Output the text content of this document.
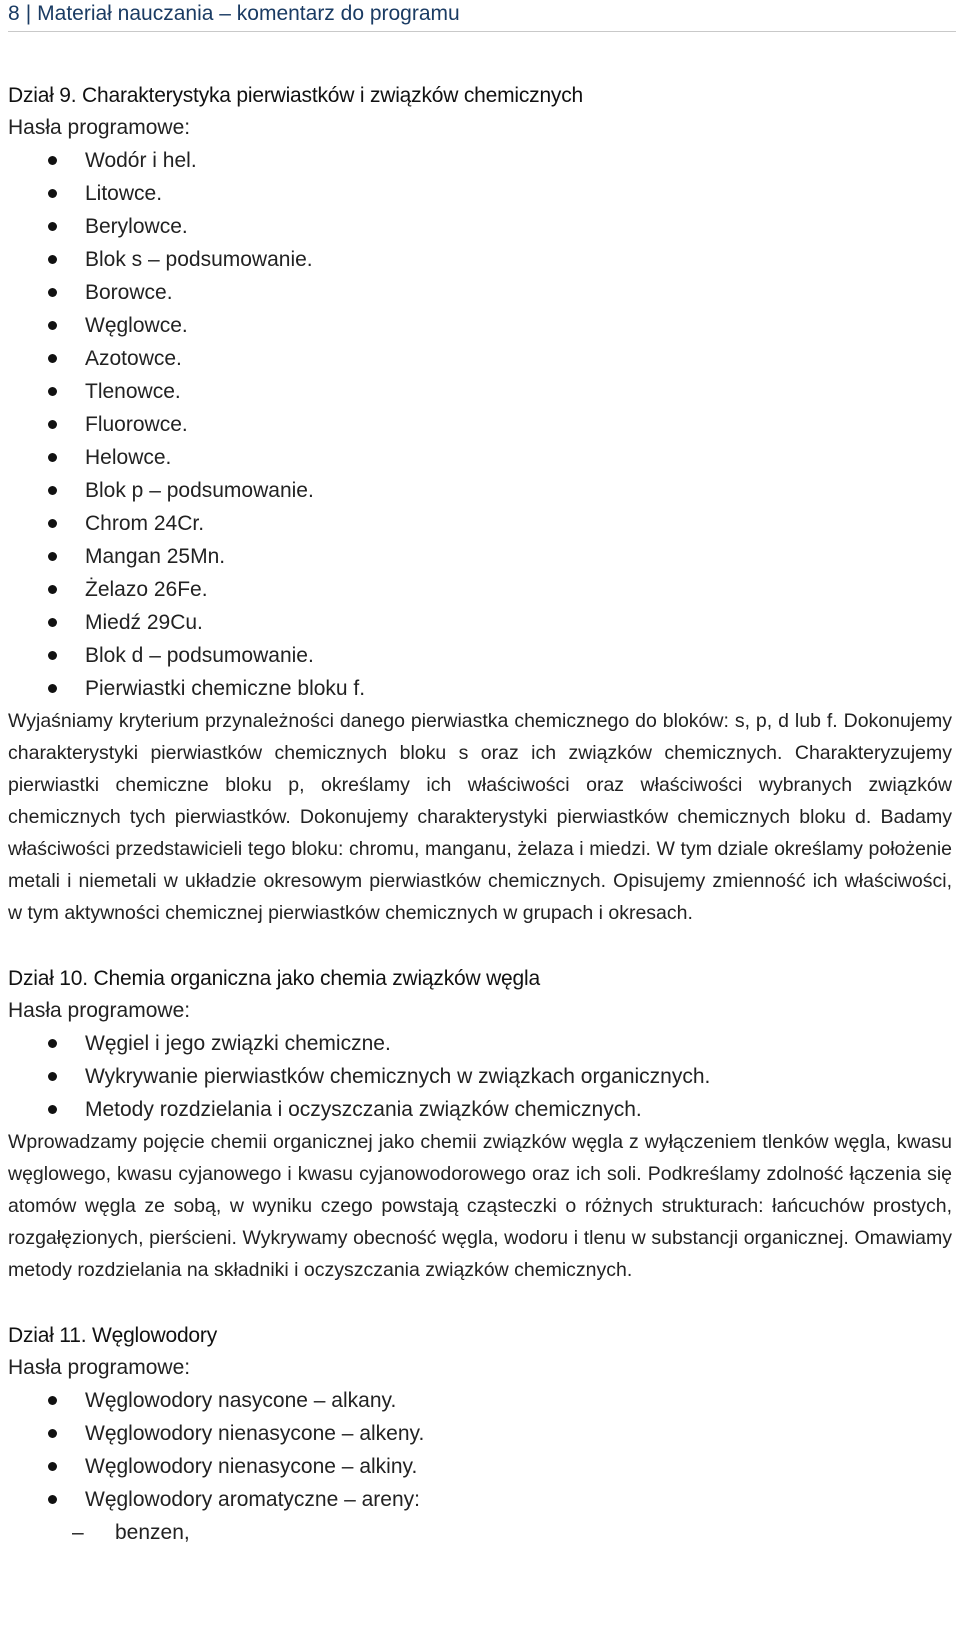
8 | Materiał nauczania – komentarz do programu
Dział 9. Charakterystyka pierwiastków i związków chemicznych
Hasła programowe:
Wodór i hel.
Litowce.
Berylowce.
Blok s – podsumowanie.
Borowce.
Węglowce.
Azotowce.
Tlenowce.
Fluorowce.
Helowce.
Blok p – podsumowanie.
Chrom 24Cr.
Mangan 25Mn.
Żelazo 26Fe.
Miedź 29Cu.
Blok d – podsumowanie.
Pierwiastki chemiczne bloku f.

Wyjaśniamy kryterium przynależności danego pierwiastka chemicznego do bloków: s, p, d lub f. Dokonujemy charakterystyki pierwiastków chemicznych bloku s oraz ich związków chemicznych. Charakteryzujemy pierwiastki chemiczne bloku p, określamy ich właściwości oraz właściwości wybranych związków chemicznych tych pierwiastków. Dokonujemy charakterystyki pierwiastków chemicznych bloku d. Badamy właściwości przedstawicieli tego bloku: chromu, manganu, żelaza i miedzi. W tym dziale określamy położenie metali i niemetali w układzie okresowym pierwiastków chemicznych. Opisujemy zmienność ich właściwości, w tym aktywności chemicznej pierwiastków chemicznych w grupach i okresach.

Dział 10. Chemia organiczna jako chemia związków węgla
Hasła programowe:
Węgiel i jego związki chemiczne.
Wykrywanie pierwiastków chemicznych w związkach organicznych.
Metody rozdzielania i oczyszczania związków chemicznych.

Wprowadzamy pojęcie chemii organicznej jako chemii związków węgla z wyłączeniem tlenków węgla, kwasu węglowego, kwasu cyjanowego i kwasu cyjanowodorowego oraz ich soli. Podkreślamy zdolność łączenia się atomów węgla ze sobą, w wyniku czego powstają cząsteczki o różnych strukturach: łańcuchów prostych, rozgałęzionych, pierścieni. Wykrywamy obecność węgla, wodoru i tlenu w substancji organicznej. Omawiamy metody rozdzielania na składniki i oczyszczania związków chemicznych.

Dział 11. Węglowodory
Hasła programowe:
Węglowodory nasycone – alkany.
Węglowodory nienasycone – alkeny.
Węglowodory nienasycone – alkiny.
Węglowodory aromatyczne – areny:
– benzen,
